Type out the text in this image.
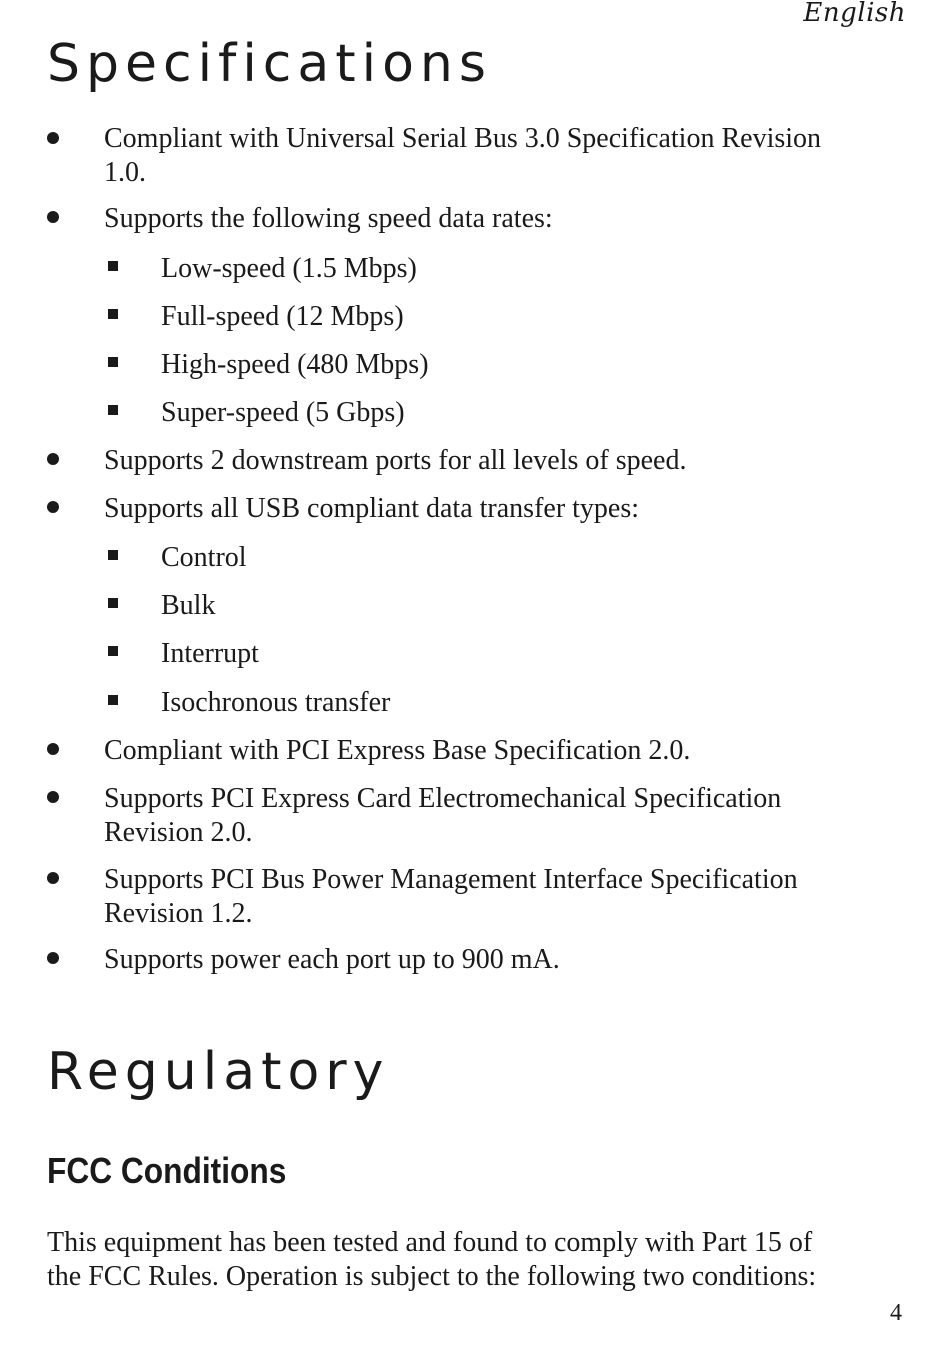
English
Specifications
Compliant with Universal Serial Bus 3.0 Specification Revision
1.0.
Supports the following speed data rates:
Low-speed (1.5 Mbps)
Full-speed (12 Mbps)
High-speed (480 Mbps)
Super-speed (5 Gbps)
Supports 2 downstream ports for all levels of speed.
Supports all USB compliant data transfer types:
Control
Bulk
Interrupt
Isochronous transfer
Compliant with PCI Express Base Specification 2.0.
Supports PCI Express Card Electromechanical Specification
Revision 2.0.
Supports PCI Bus Power Management Interface Specification
Revision 1.2.
Supports power each port up to 900 mA.
Regulatory
FCC Conditions
This equipment has been tested and found to comply with Part 15 of
the FCC Rules. Operation is subject to the following two conditions:
4
